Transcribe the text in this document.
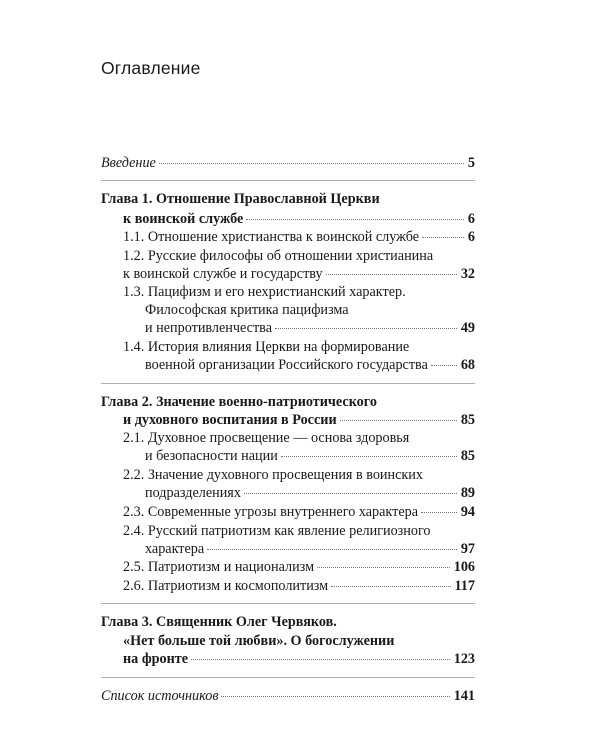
Оглавление
Введение	5
Глава 1. Отношение Православной Церкви
к воинской службе	6
1.1. Отношение христианства к воинской службе	6
1.2. Русские философы об отношении христианина
к воинской службе и государству	32
1.3. Пацифизм и его нехристианский характер.
Философская критика пацифизма
и непротивленчества	49
1.4. История влияния Церкви на формирование
военной организации Российского государства 68
Глава 2. Значение военно-патриотического
и духовного воспитания в России	85
2.1. Духовное просвещение — основа здоровья
и безопасности нации	85
2.2. Значение духовного просвещения в воинских
подразделениях	89
2.3. Современные угрозы внутреннего характера	94
2.4. Русский патриотизм как явление религиозного
характера	97
2.5. Патриотизм и национализм	106
2.6. Патриотизм и космополитизм	117
Глава 3. Священник Олег Червяков.
«Нет больше той любви». О богослужении
на фронте	123
Список источников	141
